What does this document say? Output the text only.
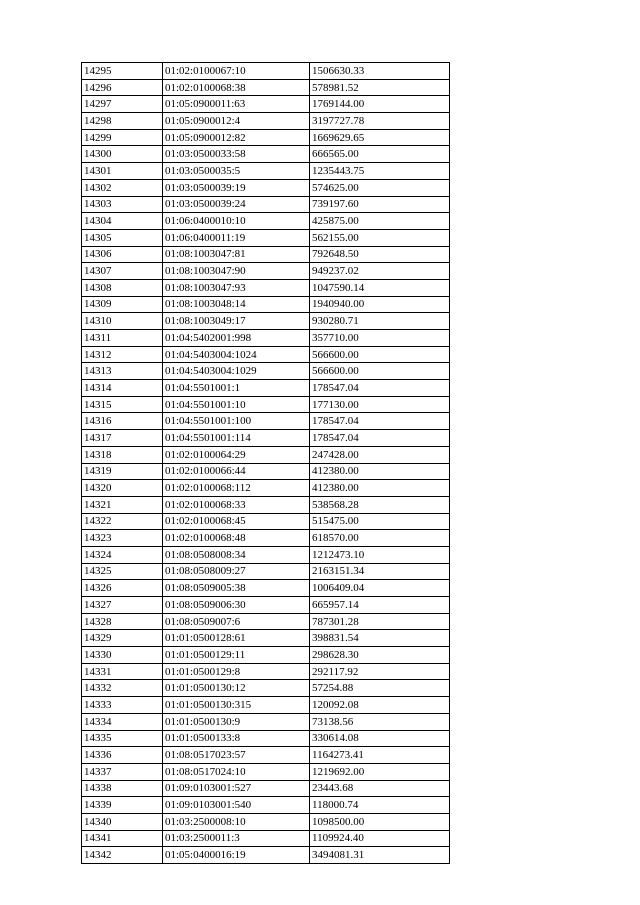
14295	01:02:0100067:10	1506630.33
14296	01:02:0100068:38	578981.52
14297	01:05:0900011:63	1769144.00
14298	01:05:0900012:4	3197727.78
14299	01:05:0900012:82	1669629.65
14300	01:03:0500033:58	666565.00
14301	01:03:0500035:5	1235443.75
14302	01:03:0500039:19	574625.00
14303	01:03:0500039:24	739197.60
14304	01:06:0400010:10	425875.00
14305	01:06:0400011:19	562155.00
14306	01:08:1003047:81	792648.50
14307	01:08:1003047:90	949237.02
14308	01:08:1003047:93	1047590.14
14309	01:08:1003048:14	1940940.00
14310	01:08:1003049:17	930280.71
14311	01:04:5402001:998	357710.00
14312	01:04:5403004:1024	566600.00
14313	01:04:5403004:1029	566600.00
14314	01:04:5501001:1	178547.04
14315	01:04:5501001:10	177130.00
14316	01:04:5501001:100	178547.04
14317	01:04:5501001:114	178547.04
14318	01:02:0100064:29	247428.00
14319	01:02:0100066:44	412380.00
14320	01:02:0100068:112	412380.00
14321	01:02:0100068:33	538568.28
14322	01:02:0100068:45	515475.00
14323	01:02:0100068:48	618570.00
14324	01:08:0508008:34	1212473.10
14325	01:08:0508009:27	2163151.34
14326	01:08:0509005:38	1006409.04
14327	01:08:0509006:30	665957.14
14328	01:08:0509007:6	787301.28
14329	01:01:0500128:61	398831.54
14330	01:01:0500129:11	298628.30
14331	01:01:0500129:8	292117.92
14332	01:01:0500130:12	57254.88
14333	01:01:0500130:315	120092.08
14334	01:01:0500130:9	73138.56
14335	01:01:0500133:8	330614.08
14336	01:08:0517023:57	1164273.41
14337	01:08:0517024:10	1219692.00
14338	01:09:0103001:527	23443.68
14339	01:09:0103001:540	118000.74
14340	01:03:2500008:10	1098500.00
14341	01:03:2500011:3	1109924.40
14342	01:05:0400016:19	3494081.31
